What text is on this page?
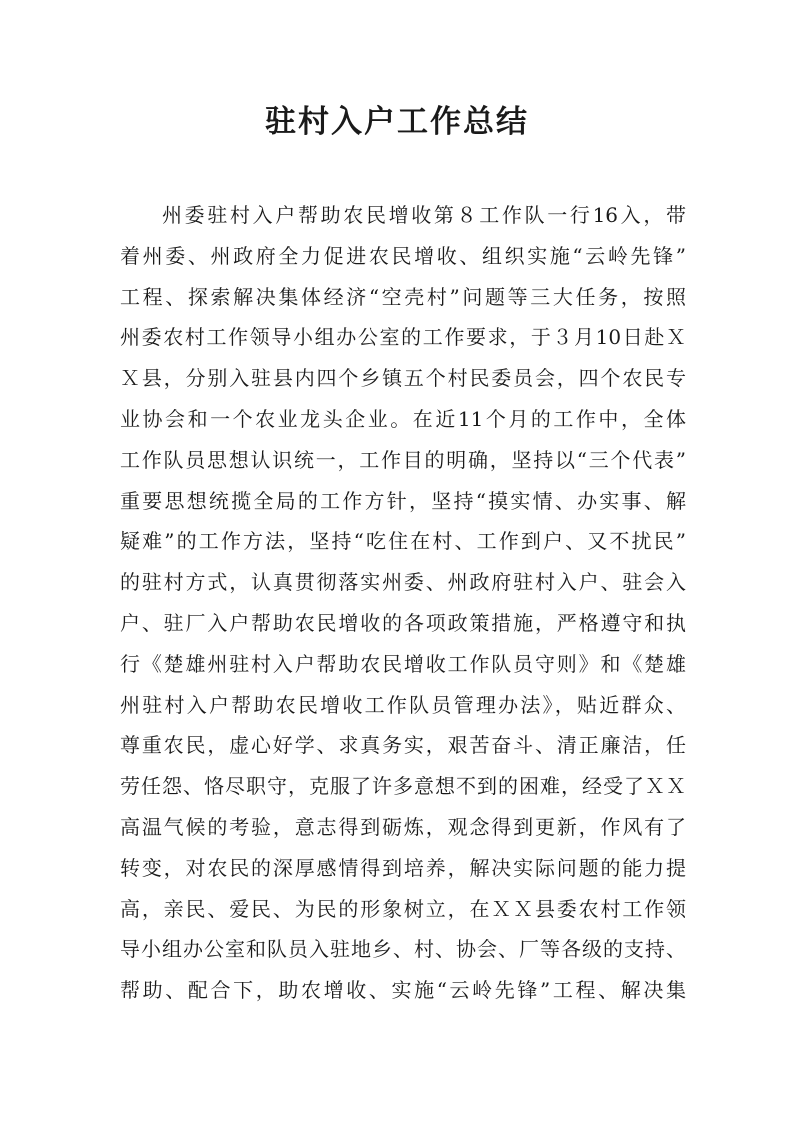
驻村入户工作总结
州委驻村入户帮助农民增收第８工作队一行16入，带
着州委、州政府全力促进农民增收、组织实施“云岭先锋”
工程、探索解决集体经济“空壳村”问题等三大任务，按照
州委农村工作领导小组办公室的工作要求，于３月10日赴Ｘ
Ｘ县，分别入驻县内四个乡镇五个村民委员会，四个农民专
业协会和一个农业龙头企业。在近11个月的工作中，全体
工作队员思想认识统一，工作目的明确，坚持以“三个代表”
重要思想统揽全局的工作方针，坚持“摸实情、办实事、解
疑难”的工作方法，坚持“吃住在村、工作到户、又不扰民”
的驻村方式，认真贯彻落实州委、州政府驻村入户、驻会入
户、驻厂入户帮助农民增收的各项政策措施，严格遵守和执
行《楚雄州驻村入户帮助农民增收工作队员守则》和《楚雄
州驻村入户帮助农民增收工作队员管理办法》，贴近群众、
尊重农民，虚心好学、求真务实，艰苦奋斗、清正廉洁，任
劳任怨、恪尽职守，克服了许多意想不到的困难，经受了ＸＸ
高温气候的考验，意志得到砺炼，观念得到更新，作风有了
转变，对农民的深厚感情得到培养，解决实际问题的能力提
高，亲民、爱民、为民的形象树立，在ＸＸ县委农村工作领
导小组办公室和队员入驻地乡、村、协会、厂等各级的支持、
帮助、配合下，助农增收、实施“云岭先锋”工程、解决集
